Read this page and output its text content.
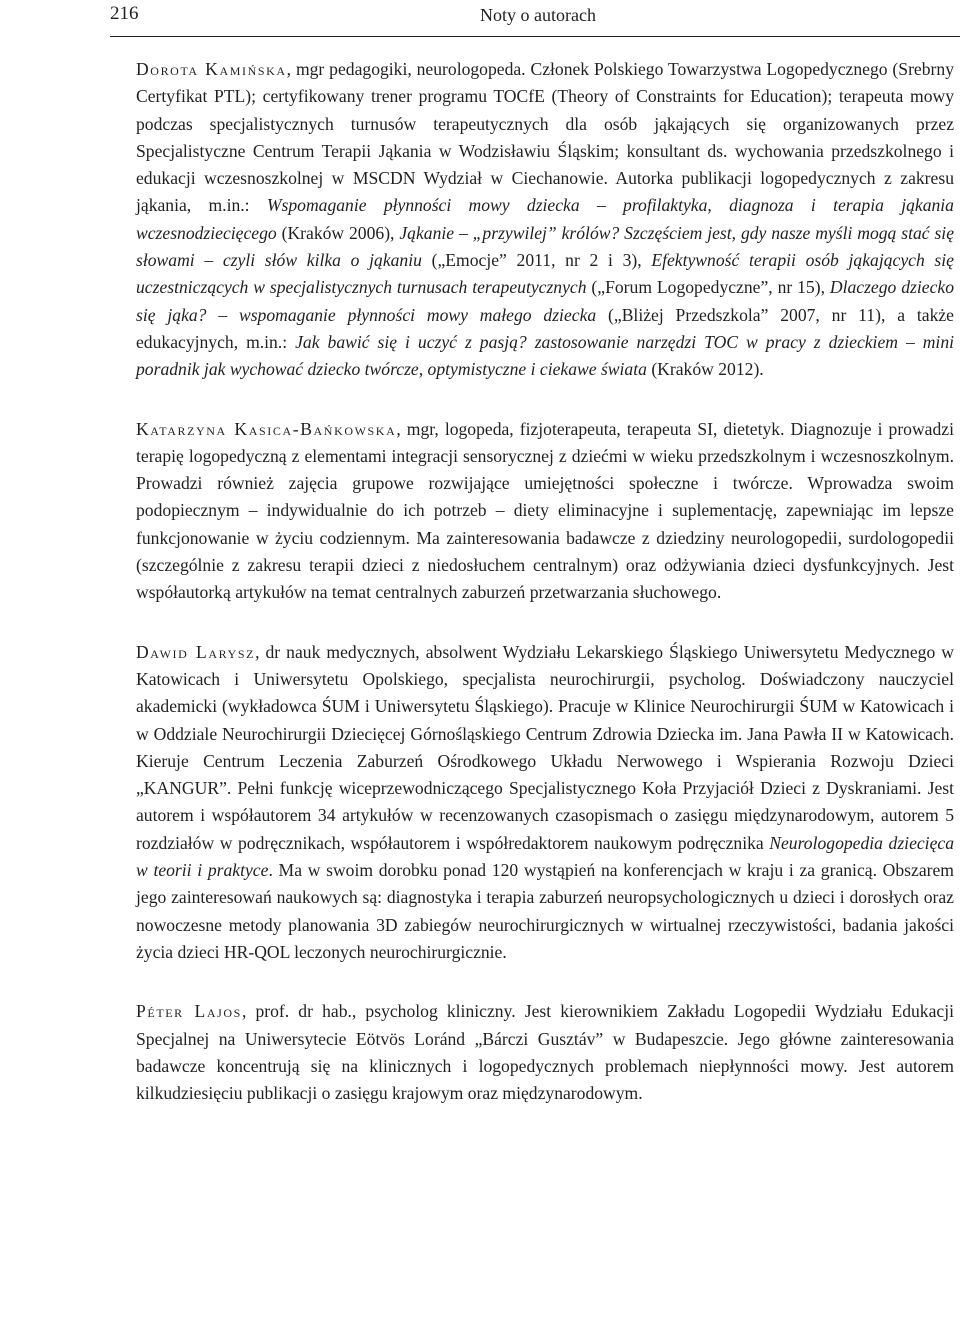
216	Noty o autorach

Dorota Kamińska, mgr pedagogiki, neurologopeda. Członek Polskiego Towarzystwa Logopedycznego (Srebrny Certyfikat PTL); certyfikowany trener programu TOCfE (Theory of Constraints for Education); terapeuta mowy podczas specjalistycznych turnusów terapeutycznych dla osób jąkających się organizowanych przez Specjalistyczne Centrum Terapii Jąkania w Wodzisławiu Śląskim; konsultant ds. wychowania przedszkolnego i edukacji wczesnoszkolnej w MSCDN Wydział w Ciechanowie. Autorka publikacji logopedycznych z zakresu jąkania, m.in.: Wspomaganie płynności mowy dziecka – profilaktyka, diagnoza i terapia jąkania wczesnodziecięcego (Kraków 2006), Jąkanie – „przywilej” królów? Szczęściem jest, gdy nasze myśli mogą stać się słowami – czyli słów kilka o jąkaniu („Emocje” 2011, nr 2 i 3), Efektywność terapii osób jąkających się uczestniczących w specjalistycznych turnusach terapeutycznych („Forum Logopedyczne”, nr 15), Dlaczego dziecko się jąka? – wspomaganie płynności mowy małego dziecka („Bliżej Przedszkola” 2007, nr 11), a także edukacyjnych, m.in.: Jak bawić się i uczyć z pasją? zastosowanie narzędzi TOC w pracy z dzieckiem – mini poradnik jak wychować dziecko twórcze, optymistyczne i ciekawe świata (Kraków 2012).

Katarzyna Kasica-Bańkowska, mgr, logopeda, fizjoterapeuta, terapeuta SI, dietetyk. Diagnozuje i prowadzi terapię logopedyczną z elementami integracji sensorycznej z dziećmi w wieku przedszkolnym i wczesnoszkolnym. Prowadzi również zajęcia grupowe rozwijające umiejętności społeczne i twórcze. Wprowadza swoim podopiecznym – indywidualnie do ich potrzeb – diety eliminacyjne i suplementację, zapewniając im lepsze funkcjonowanie w życiu codziennym. Ma zainteresowania badawcze z dziedziny neurologopedii, surdologopedii (szczególnie z zakresu terapii dzieci z niedosłuchem centralnym) oraz odżywiania dzieci dysfunkcyjnych. Jest współautorką artykułów na temat centralnych zaburzeń przetwarzania słuchowego.

Dawid Larysz, dr nauk medycznych, absolwent Wydziału Lekarskiego Śląskiego Uniwersytetu Medycznego w Katowicach i Uniwersytetu Opolskiego, specjalista neurochirurgii, psycholog. Doświadczony nauczyciel akademicki (wykładowca ŚUM i Uniwersytetu Śląskiego). Pracuje w Klinice Neurochirurgii ŚUM w Katowicach i w Oddziale Neurochirurgii Dziecięcej Górnośląskiego Centrum Zdrowia Dziecka im. Jana Pawła II w Katowicach. Kieruje Centrum Leczenia Zaburzeń Ośrodkowego Układu Nerwowego i Wspierania Rozwoju Dzieci „KANGUR”. Pełni funkcję wiceprzewodniczącego Specjalistycznego Koła Przyjaciół Dzieci z Dyskraniami. Jest autorem i współautorem 34 artykułów w recenzowanych czasopismach o zasięgu międzynarodowym, autorem 5 rozdziałów w podręcznikach, współautorem i współredaktorem naukowym podręcznika Neurologopedia dziecięca w teorii i praktyce. Ma w swoim dorobku ponad 120 wystąpień na konferencjach w kraju i za granicą. Obszarem jego zainteresowań naukowych są: diagnostyka i terapia zaburzeń neuropsychologicznych u dzieci i dorosłych oraz nowoczesne metody planowania 3D zabiegów neurochirurgicznych w wirtualnej rzeczywistości, badania jakości życia dzieci HR-QOL leczonych neurochirurgicznie.

Péter Lajos, prof. dr hab., psycholog kliniczny. Jest kierownikiem Zakładu Logopedii Wydziału Edukacji Specjalnej na Uniwersytecie Eötvös Loránd „Bárczi Gusztáv” w Budapeszcie. Jego główne zainteresowania badawcze koncentrują się na klinicznych i logopedycznych problemach niepłynności mowy. Jest autorem kilkudziesięciu publikacji o zasięgu krajowym oraz międzynarodowym.
